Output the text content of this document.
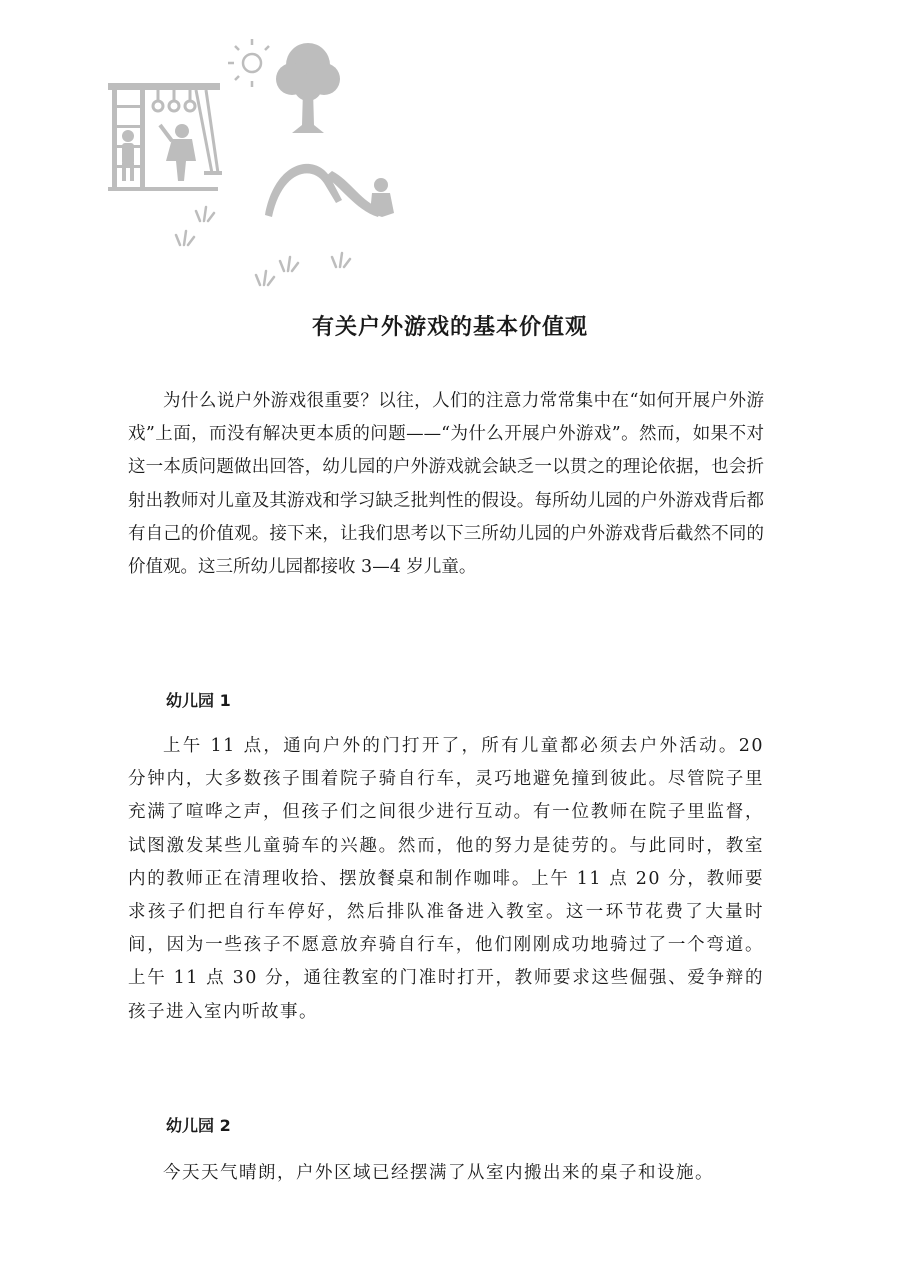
有关户外游戏的基本价值观

为什么说户外游戏很重要？以往，人们的注意力常常集中在“如何开展户外游戏”上面，而没有解决更本质的问题——“为什么开展户外游戏”。然而，如果不对这一本质问题做出回答，幼儿园的户外游戏就会缺乏一以贯之的理论依据，也会折射出教师对儿童及其游戏和学习缺乏批判性的假设。每所幼儿园的户外游戏背后都有自己的价值观。接下来，让我们思考以下三所幼儿园的户外游戏背后截然不同的价值观。这三所幼儿园都接收 3—4 岁儿童。

幼儿园 1

上午 11 点，通向户外的门打开了，所有儿童都必须去户外活动。20 分钟内，大多数孩子围着院子骑自行车，灵巧地避免撞到彼此。尽管院子里充满了喧哗之声，但孩子们之间很少进行互动。有一位教师在院子里监督，试图激发某些儿童骑车的兴趣。然而，他的努力是徒劳的。与此同时，教室内的教师正在清理收拾、摆放餐桌和制作咖啡。上午 11 点 20 分，教师要求孩子们把自行车停好，然后排队准备进入教室。这一环节花费了大量时间，因为一些孩子不愿意放弃骑自行车，他们刚刚成功地骑过了一个弯道。上午 11 点 30 分，通往教室的门准时打开，教师要求这些倔强、爱争辩的孩子进入室内听故事。

幼儿园 2

今天天气晴朗，户外区域已经摆满了从室内搬出来的桌子和设施。
